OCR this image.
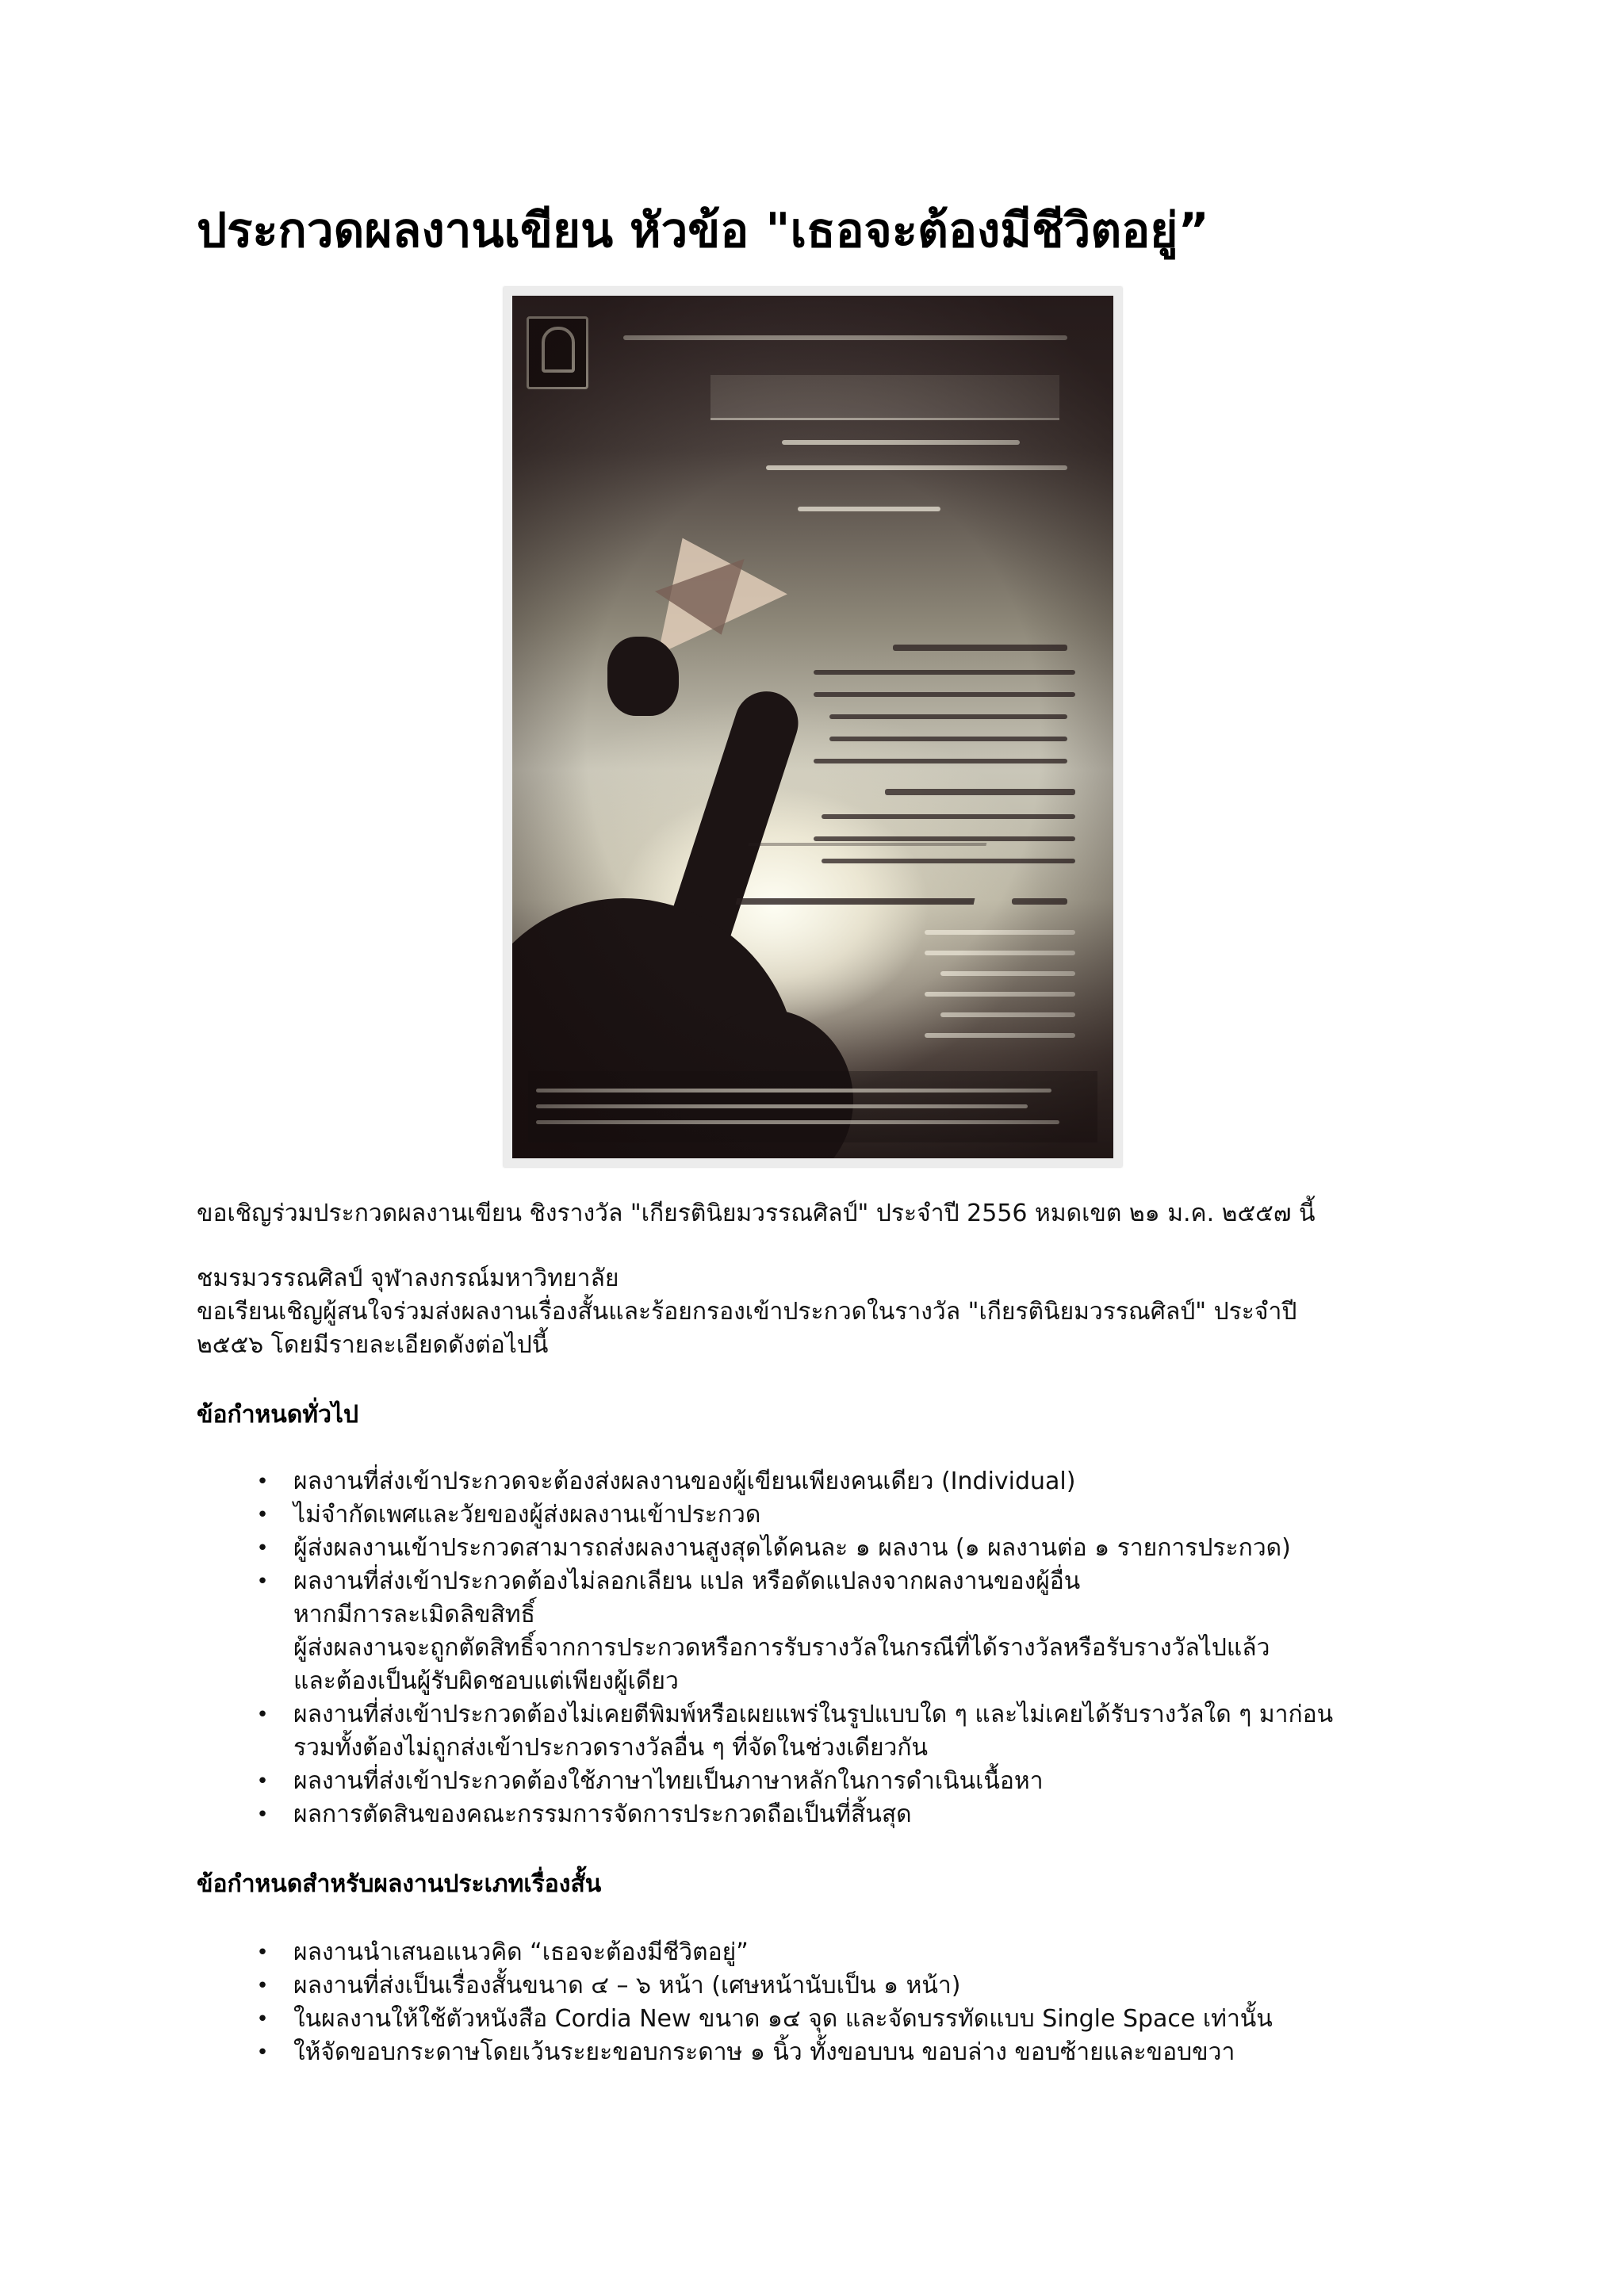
ประกวดผลงานเขียน หัวข้อ "เธอจะต้องมีชีวิตอยู่”

ขอเชิญร่วมประกวดผลงานเขียน ชิงรางวัล "เกียรตินิยมวรรณศิลป์" ประจำปี 2556 หมดเขต ๒๑ ม.ค. ๒๕๕๗ นี้

ชมรมวรรณศิลป์ จุฬาลงกรณ์มหาวิทยาลัย

ขอเรียนเชิญผู้สนใจร่วมส่งผลงานเรื่องสั้นและร้อยกรองเข้าประกวดในรางวัล "เกียรตินิยมวรรณศิลป์" ประจำปี

๒๕๕๖ โดยมีรายละเอียดดังต่อไปนี้

ข้อกำหนดทั่วไป
• ผลงานที่ส่งเข้าประกวดจะต้องส่งผลงานของผู้เขียนเพียงคนเดียว (Individual)
• ไม่จำกัดเพศและวัยของผู้ส่งผลงานเข้าประกวด
• ผู้ส่งผลงานเข้าประกวดสามารถส่งผลงานสูงสุดได้คนละ ๑ ผลงาน (๑ ผลงานต่อ ๑ รายการประกวด)
• ผลงานที่ส่งเข้าประกวดต้องไม่ลอกเลียน แปล หรือดัดแปลงจากผลงานของผู้อื่น
หากมีการละเมิดลิขสิทธิ์
ผู้ส่งผลงานจะถูกตัดสิทธิ์จากการประกวดหรือการรับรางวัลในกรณีที่ได้รางวัลหรือรับรางวัลไปแล้ว
และต้องเป็นผู้รับผิดชอบแต่เพียงผู้เดียว
• ผลงานที่ส่งเข้าประกวดต้องไม่เคยตีพิมพ์หรือเผยแพร่ในรูปแบบใด ๆ และไม่เคยได้รับรางวัลใด ๆ มาก่อน
รวมทั้งต้องไม่ถูกส่งเข้าประกวดรางวัลอื่น ๆ ที่จัดในช่วงเดียวกัน
• ผลงานที่ส่งเข้าประกวดต้องใช้ภาษาไทยเป็นภาษาหลักในการดำเนินเนื้อหา
• ผลการตัดสินของคณะกรรมการจัดการประกวดถือเป็นที่สิ้นสุด
ข้อกำหนดสำหรับผลงานประเภทเรื่องสั้น
• ผลงานนำเสนอแนวคิด “เธอจะต้องมีชีวิตอยู่”
• ผลงานที่ส่งเป็นเรื่องสั้นขนาด ๔ – ๖ หน้า (เศษหน้านับเป็น ๑ หน้า)
• ในผลงานให้ใช้ตัวหนังสือ Cordia New ขนาด ๑๔ จุด และจัดบรรทัดแบบ Single Space เท่านั้น
• ให้จัดขอบกระดาษโดยเว้นระยะขอบกระดาษ ๑ นิ้ว ทั้งขอบบน ขอบล่าง ขอบซ้ายและขอบขวา
